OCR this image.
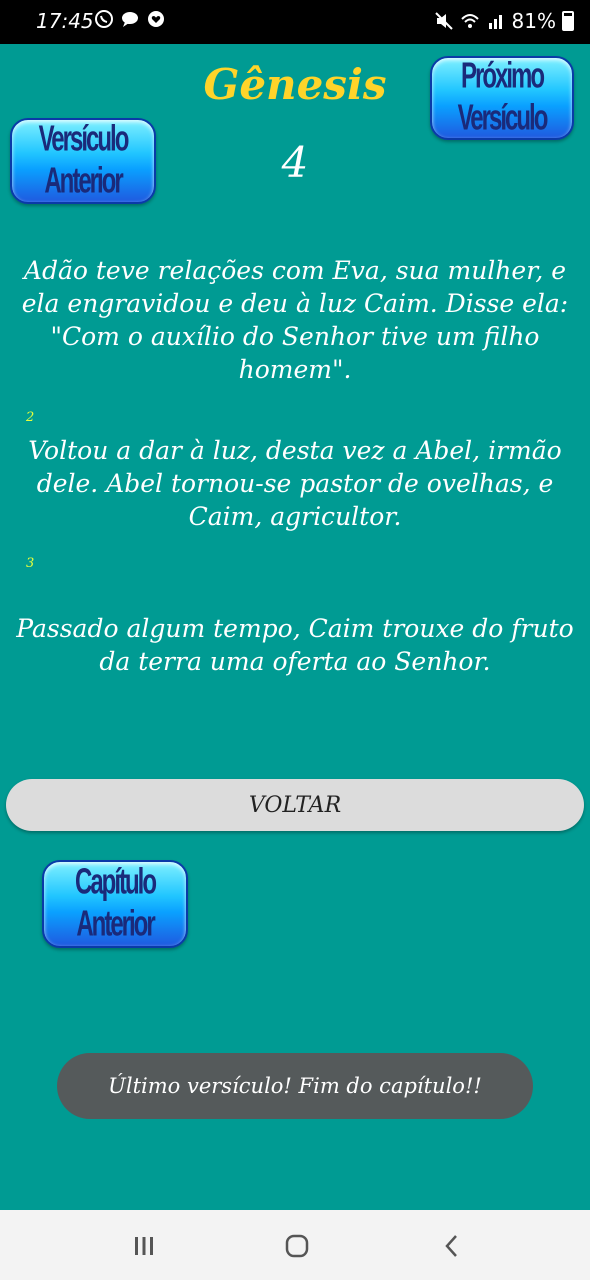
17:45	81%
Gênesis
4
Próximo Versículo
Versículo Anterior
Adão teve relações com Eva, sua mulher, e ela engravidou e deu à luz Caim. Disse ela: "Com o auxílio do Senhor tive um filho homem".
2
Voltou a dar à luz, desta vez a Abel, irmão dele. Abel tornou-se pastor de ovelhas, e Caim, agricultor.
3
Passado algum tempo, Caim trouxe do fruto da terra uma oferta ao Senhor.
VOLTAR
Capítulo Anterior
Último versículo! Fim do capítulo!!
